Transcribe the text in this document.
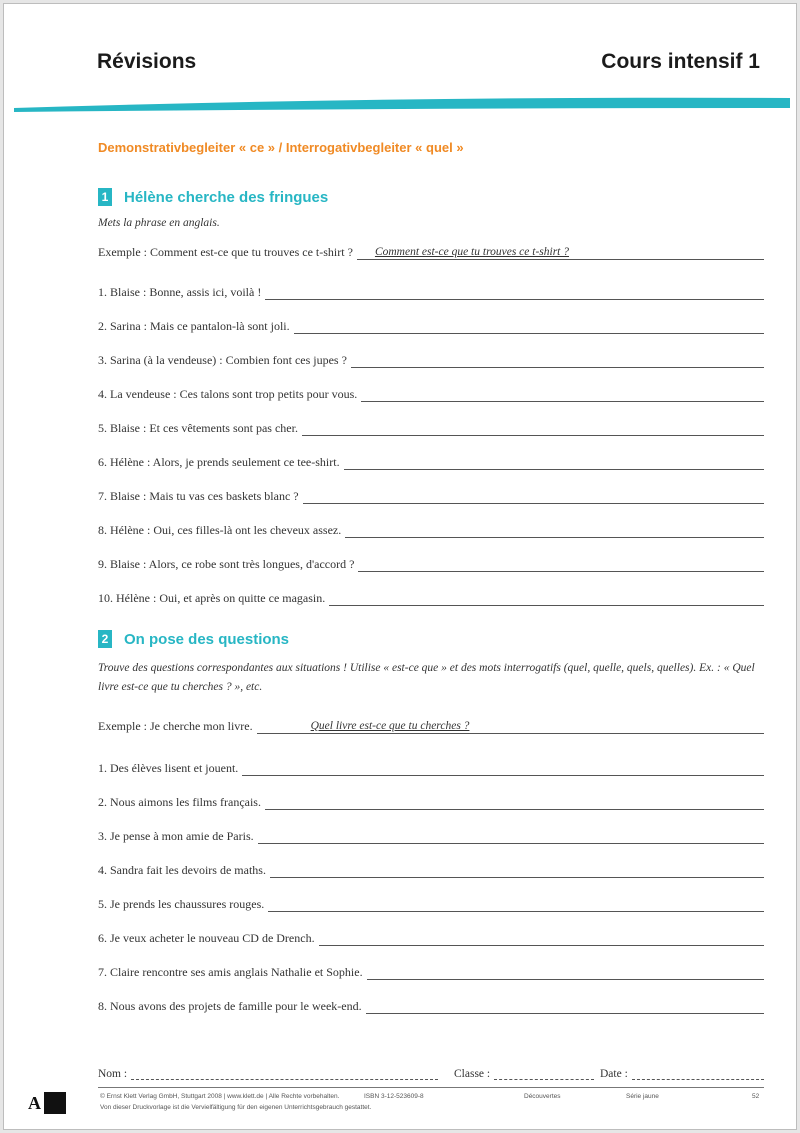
Révisions	Cours intensif 1
Demonstrativbegleiter « ce » / Interrogativbegleiter « quel »
1 Hélène cherche des fringues
Mets la phrase en anglais.
Exemple : Comment est-ce que tu trouves ce t-shirt ?	Comment est-ce que tu trouves ce t-shirt ?
1. Blaise : Bonne, assis ici, voilà !
2. Sarina : Mais ce pantalon-là sont joli.
3. Sarina (à la vendeuse) : Combien font ces jupes ?
4. La vendeuse : Ces talons sont trop petits pour vous.
5. Blaise : Et ces vêtements sont pas cher.
6. Hélène : Alors, je prends seulement ce tee-shirt.
7. Blaise : Mais tu vas ces baskets blanc ?
8. Hélène : Oui, ces filles-là ont les cheveux assez.
9. Blaise : Alors, ce robe sont très longues, d'accord ?
10. Hélène : Oui, et après on quitte ce magasin.
2 On pose des questions
Trouve des questions correspondantes aux situations ! Utilise « est-ce que » et des mots interrogatifs (quel, quelle, quels, quelles). Ex. : « Quel livre est-ce que tu cherches ? », etc.
Exemple : Je cherche mon livre.	Quel livre est-ce que tu cherches ?
1. Des élèves lisent et jouent.
2. Nous aimons les films français.
3. Je pense à mon amie de Paris.
4. Sandra fait les devoirs de maths.
5. Je prends les chaussures rouges.
6. Je veux acheter le nouveau CD de Drench.
7. Claire rencontre ses amis anglais Nathalie et Sophie.
8. Nous avons des projets de famille pour le week-end.
Nom :	Classe :	Date :
A	© Ernst Klett Verlag GmbH, Stuttgart 2008 | www.klett.de | Alle Rechte vorbehalten.
Von dieser Druckvorlage ist die Vervielfältigung für den eigenen Unterrichtsgebrauch gestattet.
ISBN 3-12-523609-8	Découvertes	Série jaune	52
